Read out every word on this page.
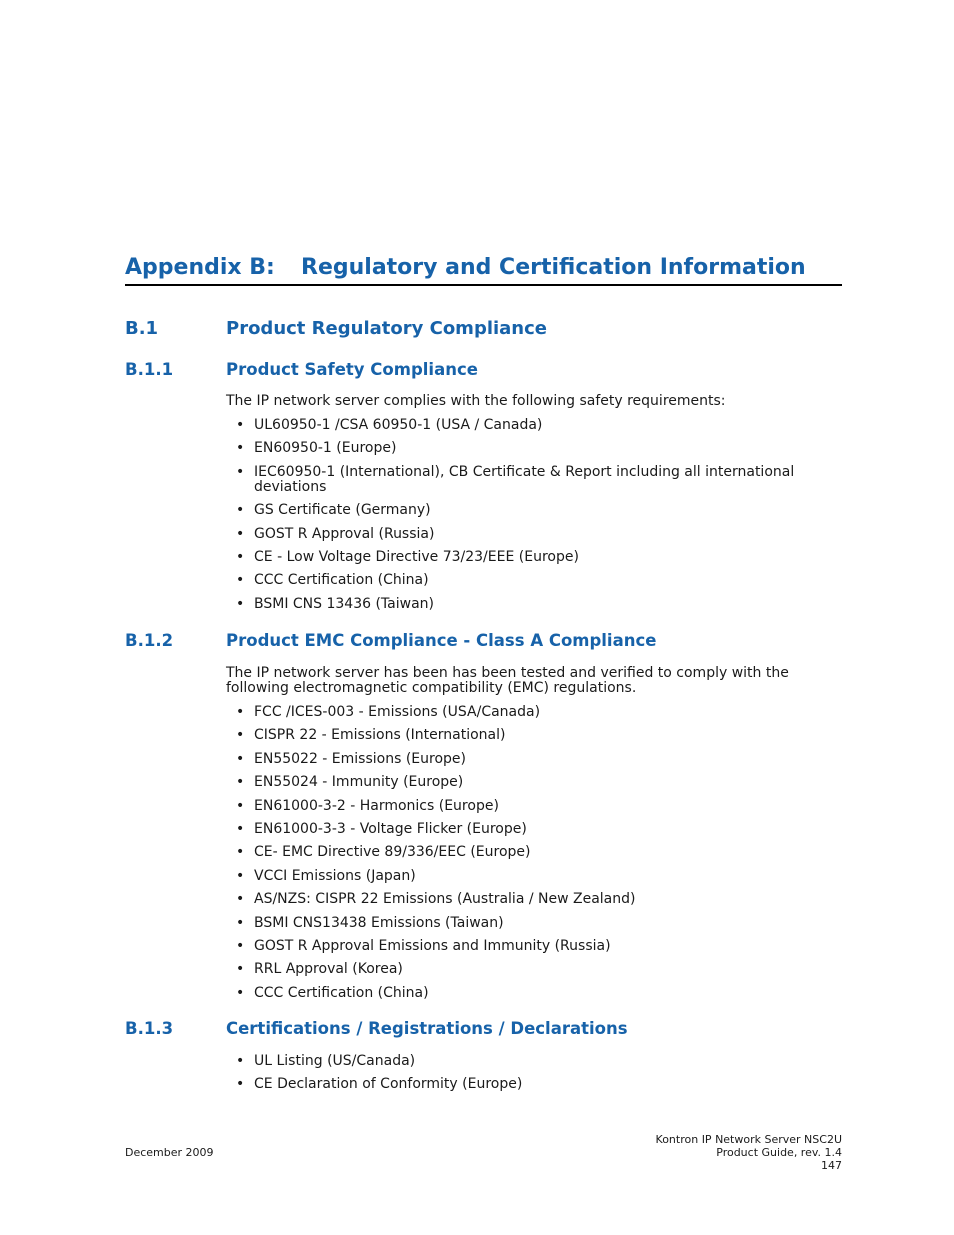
Appendix B: Regulatory and Certification Information
B.1	Product Regulatory Compliance
B.1.1	Product Safety Compliance

The IP network server complies with the following safety requirements:

• UL60950-1 /CSA 60950-1 (USA / Canada)
• EN60950-1 (Europe)
• IEC60950-1 (International), CB Certificate & Report including all international deviations
• GS Certificate (Germany)
• GOST R Approval (Russia)
• CE - Low Voltage Directive 73/23/EEE (Europe)
• CCC Certification (China)
• BSMI CNS 13436 (Taiwan)
B.1.2	Product EMC Compliance - Class A Compliance

The IP network server has been has been tested and verified to comply with the following electromagnetic compatibility (EMC) regulations.

• FCC /ICES-003 - Emissions (USA/Canada)
• CISPR 22 - Emissions (International)
• EN55022 - Emissions (Europe)
• EN55024 - Immunity (Europe)
• EN61000-3-2 - Harmonics (Europe)
• EN61000-3-3 - Voltage Flicker (Europe)
• CE- EMC Directive 89/336/EEC (Europe)
• VCCI Emissions (Japan)
• AS/NZS: CISPR 22 Emissions (Australia / New Zealand)
• BSMI CNS13438 Emissions (Taiwan)
• GOST R Approval Emissions and Immunity (Russia)
• RRL Approval (Korea)
• CCC Certification (China)
B.1.3	Certifications / Registrations / Declarations
• UL Listing (US/Canada)
• CE Declaration of Conformity (Europe)
December 2009
Kontron IP Network Server NSC2U
Product Guide, rev. 1.4
147
